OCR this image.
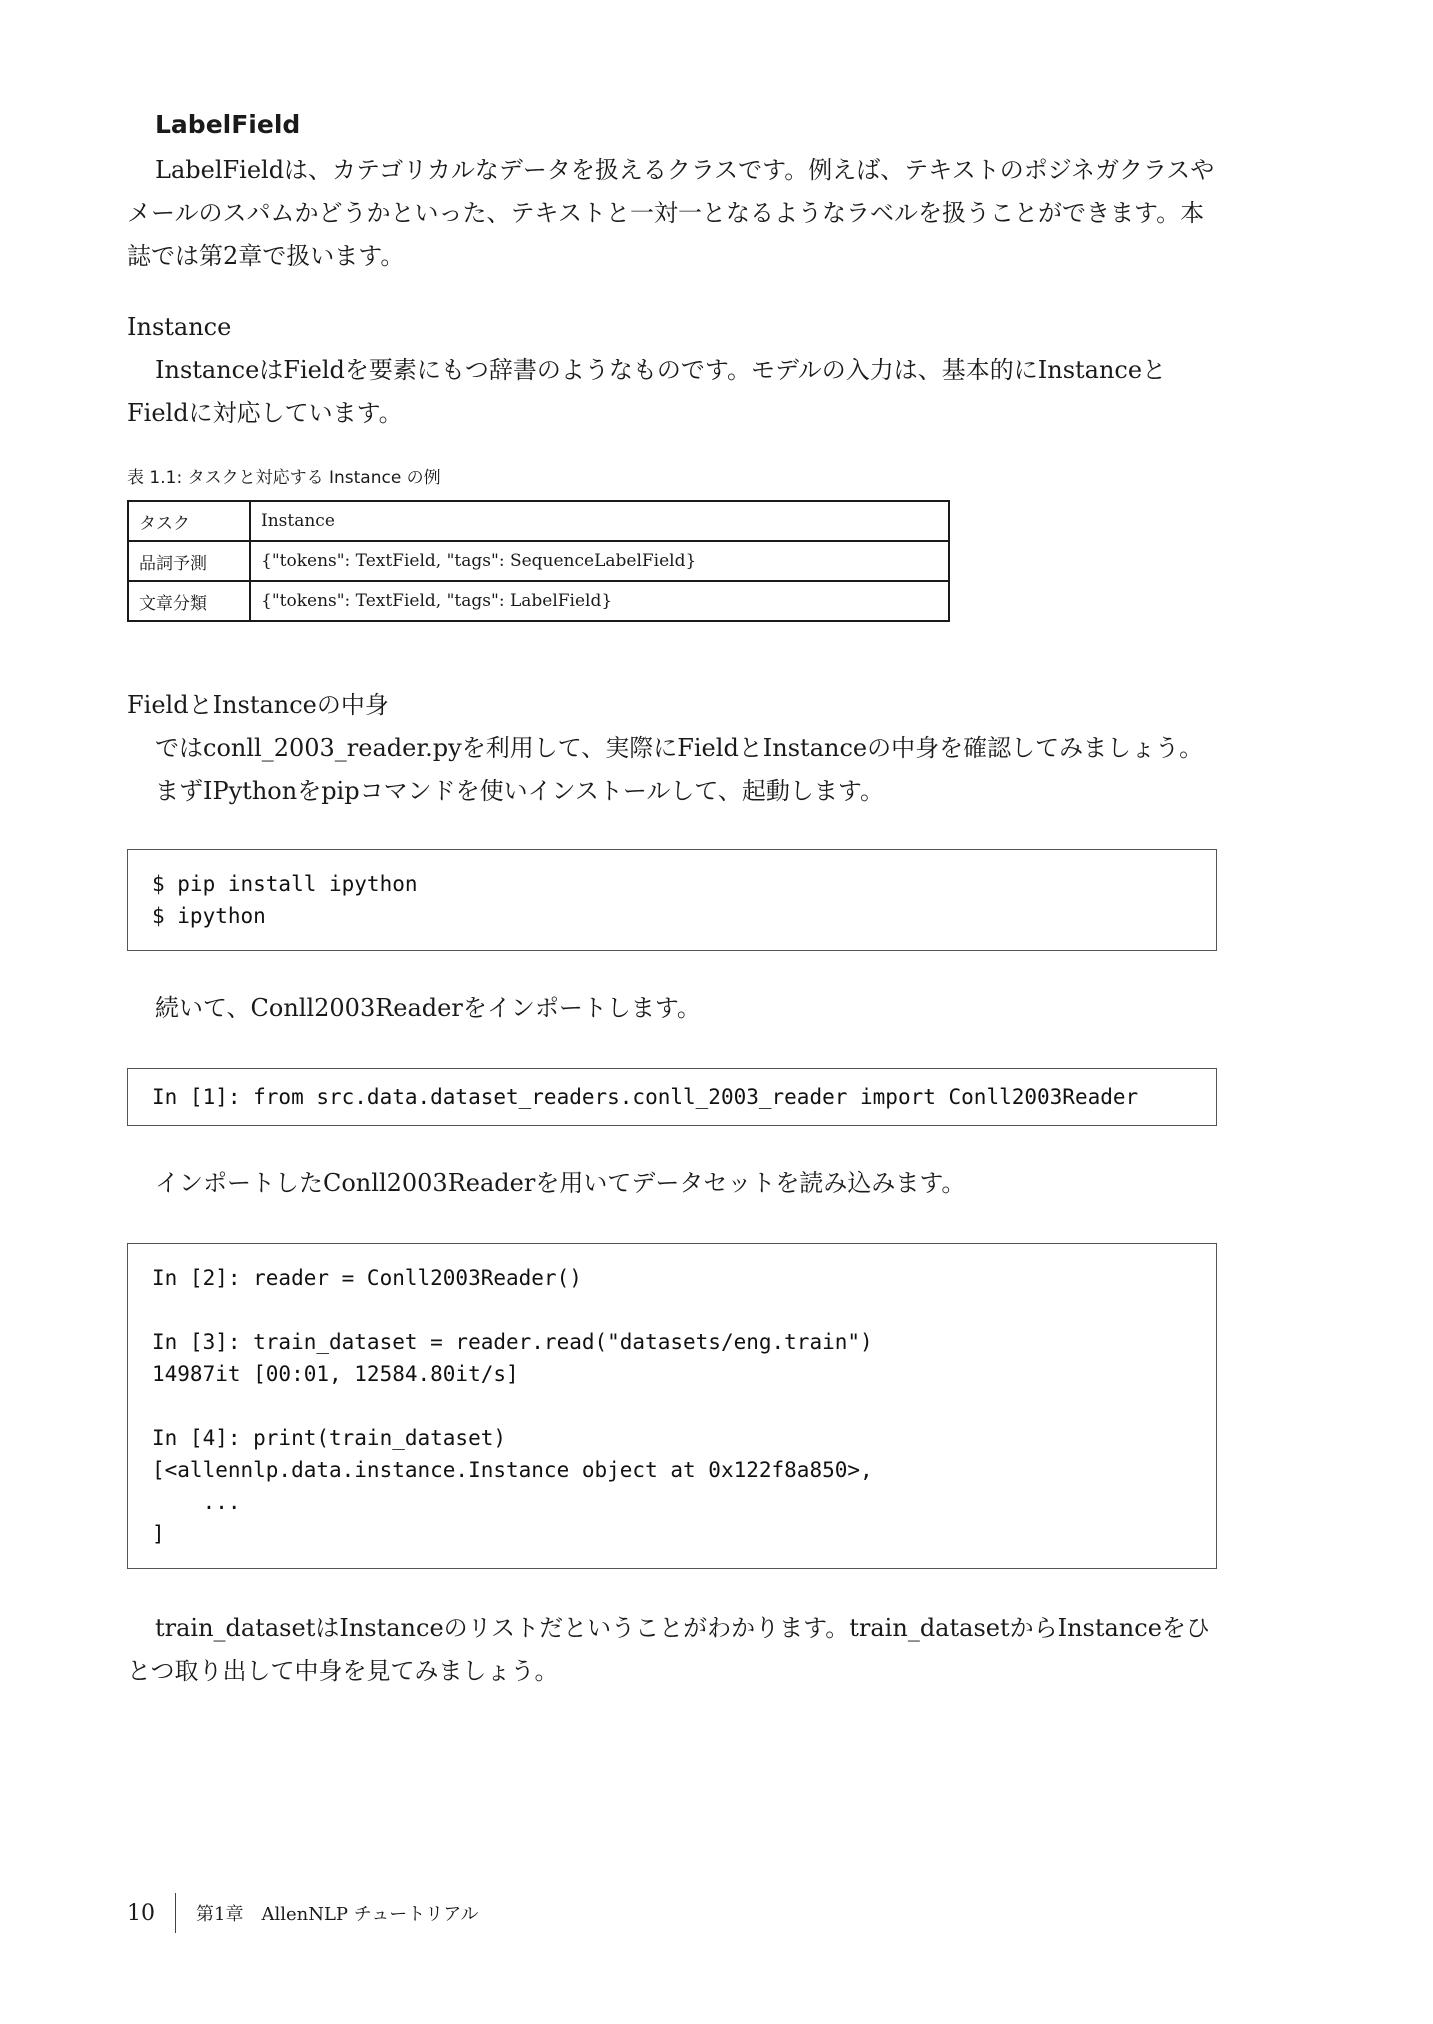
LabelField

LabelFieldは、カテゴリカルなデータを扱えるクラスです。例えば、テキストのポジネガクラスやメールのスパムかどうかといった、テキストと一対一となるようなラベルを扱うことができます。本誌では第2章で扱います。

Instance

InstanceはFieldを要素にもつ辞書のようなものです。モデルの入力は、基本的にInstanceとFieldに対応しています。

表 1.1: タスクと対応する Instance の例
タスク	Instance
品詞予測	{"tokens": TextField, "tags": SequenceLabelField}
文章分類	{"tokens": TextField, "tags": LabelField}

FieldとInstanceの中身

ではconll_2003_reader.pyを利用して、実際にFieldとInstanceの中身を確認してみましょう。

まずIPythonをpipコマンドを使いインストールして、起動します。

$ pip install ipython
$ ipython

続いて、Conll2003Readerをインポートします。

In [1]: from src.data.dataset_readers.conll_2003_reader import Conll2003Reader

インポートしたConll2003Readerを用いてデータセットを読み込みます。

In [2]: reader = Conll2003Reader()

In [3]: train_dataset = reader.read("datasets/eng.train")
14987it [00:01, 12584.80it/s]

In [4]: print(train_dataset)
[<allennlp.data.instance.Instance object at 0x122f8a850>,
...
]

train_datasetはInstanceのリストだということがわかります。train_datasetからInstanceをひとつ取り出して中身を見てみましょう。

10 第1章　AllenNLP チュートリアル
